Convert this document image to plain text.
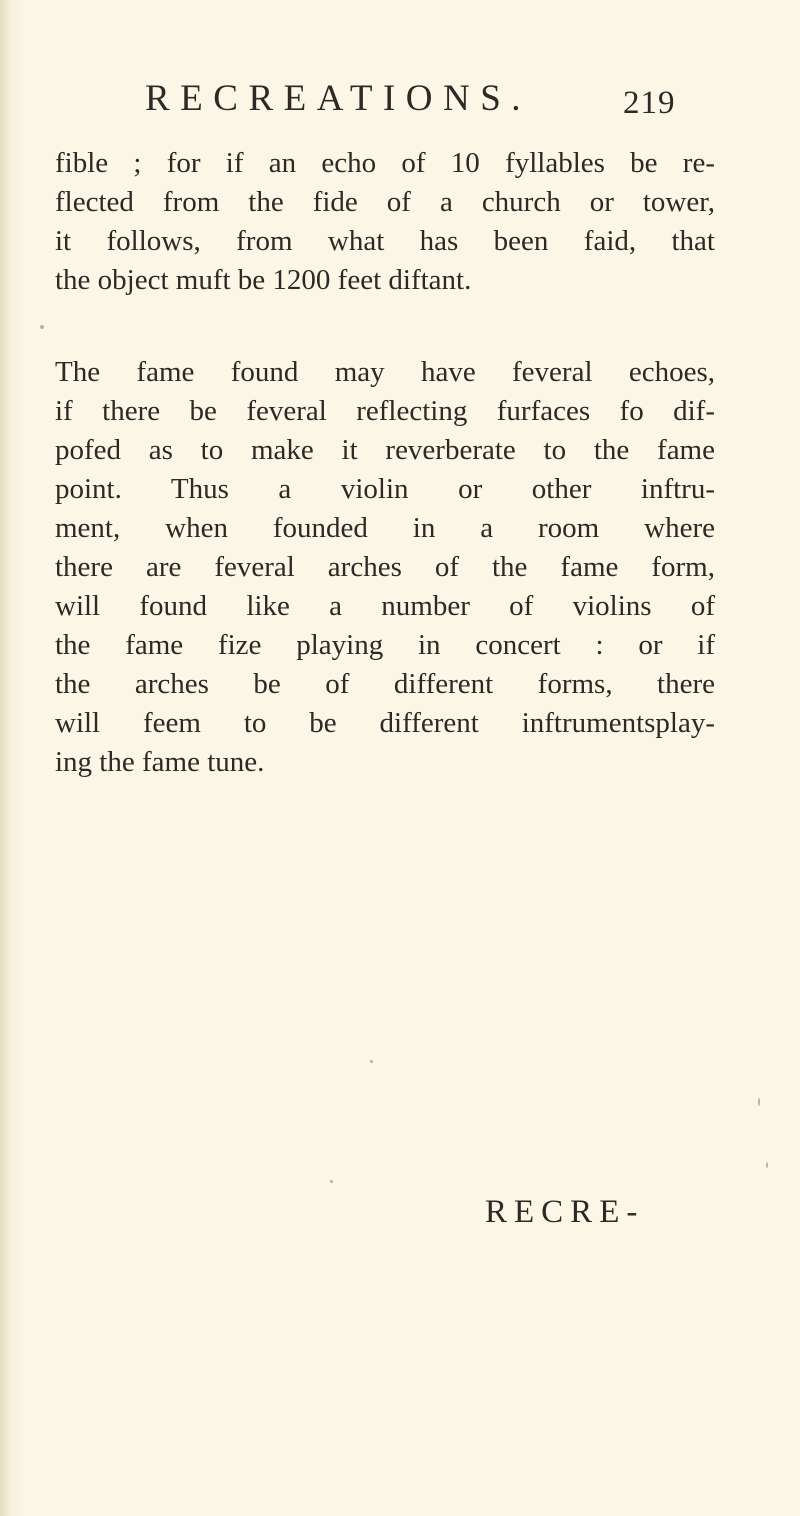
RECREATIONS.	219
fible ; for if an echo of 10 fyllables be re-
flected from the fide of a church or tower,
it follows, from what has been faid, that
the object muft be 1200 feet diftant.
The fame found may have feveral echoes,
if there be feveral reflecting furfaces fo dif-
pofed as to make it reverberate to the fame
point. Thus a violin or other inftru-
ment, when founded in a room where
there are feveral arches of the fame form,
will found like a number of violins of
the fame fize playing in concert : or if
the arches be of different forms, there
will feem to be different inftrumentsplay-
ing the fame tune.
RECRE-
